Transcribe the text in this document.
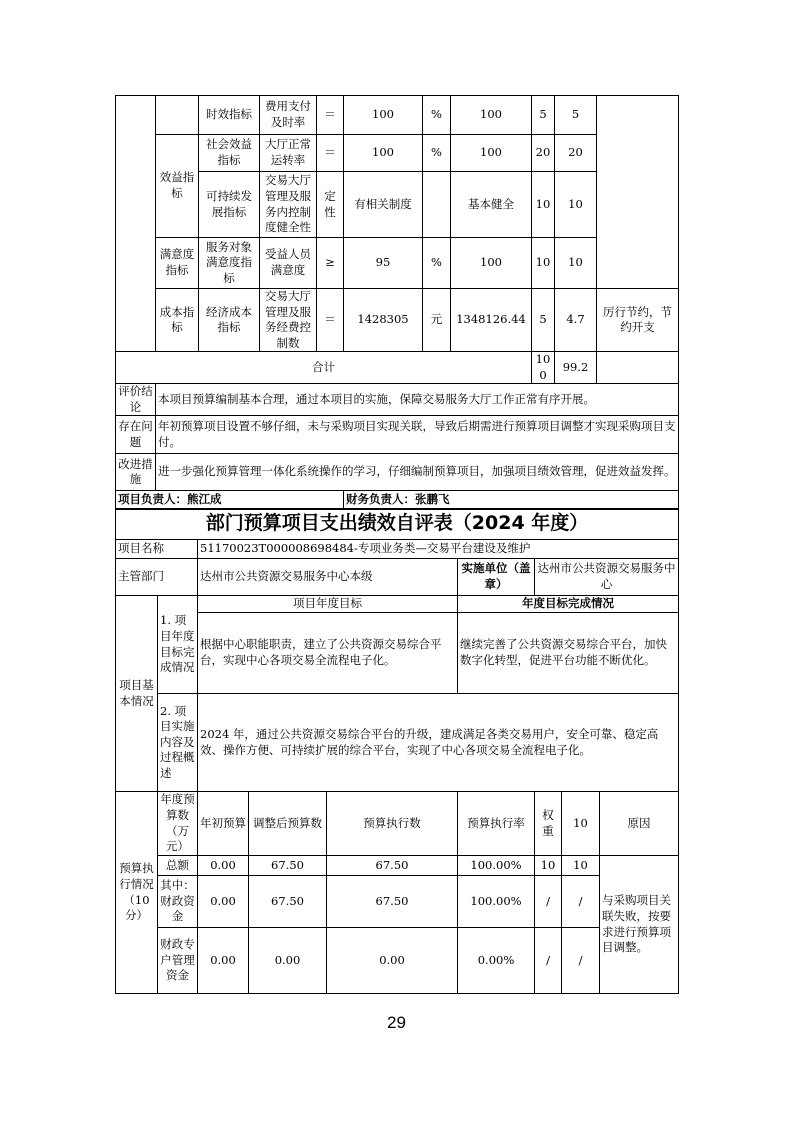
		时效指标	费用支付及时率	＝	100	%	100	5	5	
	效益指标	社会效益指标	大厅正常运转率	＝	100	%	100	20	20	
		可持续发展指标	交易大厅管理及服务内控制度健全性	定性	有相关制度		基本健全	10	10	
	满意度指标	服务对象满意度指标	受益人员满意度	≥	95	%	100	10	10	
	成本指标	经济成本指标	交易大厅管理及服务经费控制数	＝	1428305	元	1348126.44	5	4.7	厉行节约，节约开支
合计								100	99.2	
评价结论	本项目预算编制基本合理，通过本项目的实施，保障交易服务大厅工作正常有序开展。									
存在问题	年初预算项目设置不够仔细，未与采购项目实现关联，导致后期需进行预算项目调整才实现采购项目支付。									
改进措施	进一步强化预算管理一体化系统操作的学习，仔细编制预算项目，加强项目绩效管理，促进效益发挥。									
项目负责人：熊江成					财务负责人：张鹏飞					
部门预算项目支出绩效自评表（2024 年度）								
项目名称		51170023T000008698484-专项业务类—交易平台建设及维护						
主管部门		达州市公共资源交易服务中心本级			实施单位（盖章）	达州市公共资源交易服务中心		
项目基本情况	1. 项目年度目标完成情况	项目年度目标			年度目标完成情况			
		根据中心职能职责，建立了公共资源交易综合平台，实现中心各项交易全流程电子化。			继续完善了公共资源交易综合平台，加快数字化转型，促进平台功能不断优化。			
	2. 项目实施内容及过程概述	2024 年，通过公共资源交易综合平台的升级，建成满足各类交易用户，安全可靠、稳定高效、操作方便、可持续扩展的综合平台，实现了中心各项交易全流程电子化。						
预算执行情况（10分）	年度预算数（万元）	年初预算	调整后预算数	预算执行数	预算执行率	权重	10	原因
	总额	0.00	67.50	67.50	100.00%	10	10	与采购项目关联失败，按要求进行预算项目调整。
	其中：财政资金	0.00	67.50	67.50	100.00%	/	/	
	财政专户管理资金	0.00	0.00	0.00	0.00%	/	/	
29
